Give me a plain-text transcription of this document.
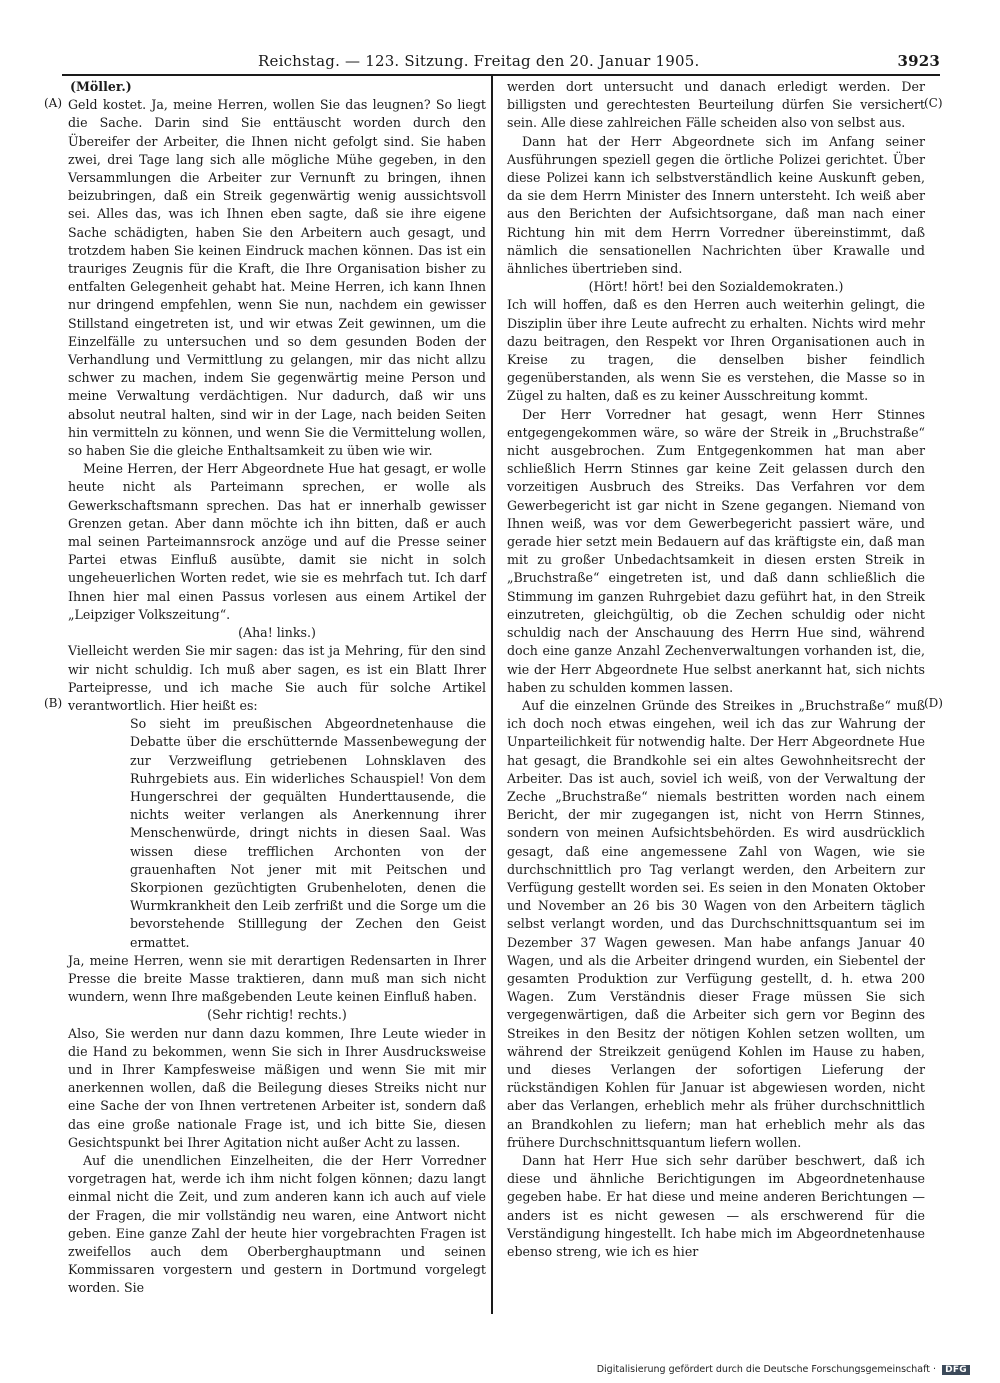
Reichstag. — 123. Sitzung. Freitag den 20. Januar 1905.	3923
(A)
(B)
(C)
(D)

(Möller.)

Geld kostet. Ja, meine Herren, wollen Sie das leugnen? So liegt die Sache. Darin sind Sie enttäuscht worden durch den Übereifer der Arbeiter, die Ihnen nicht gefolgt sind. Sie haben zwei, drei Tage lang sich alle mögliche Mühe gegeben, in den Versammlungen die Arbeiter zur Vernunft zu bringen, ihnen beizubringen, daß ein Streik gegenwärtig wenig aussichtsvoll sei. Alles das, was ich Ihnen eben sagte, daß sie ihre eigene Sache schädigten, haben Sie den Arbeitern auch gesagt, und trotzdem haben Sie keinen Eindruck machen können. Das ist ein trauriges Zeugnis für die Kraft, die Ihre Organisation bisher zu entfalten Gelegenheit gehabt hat. Meine Herren, ich kann Ihnen nur dringend empfehlen, wenn Sie nun, nachdem ein gewisser Stillstand eingetreten ist, und wir etwas Zeit gewinnen, um die Einzelfälle zu untersuchen und so dem gesunden Boden der Verhandlung und Vermittlung zu gelangen, mir das nicht allzu schwer zu machen, indem Sie gegenwärtig meine Person und meine Verwaltung verdächtigen. Nur dadurch, daß wir uns absolut neutral halten, sind wir in der Lage, nach beiden Seiten hin vermitteln zu können, und wenn Sie die Vermittelung wollen, so haben Sie die gleiche Enthaltsamkeit zu üben wie wir.

Meine Herren, der Herr Abgeordnete Hue hat gesagt, er wolle heute nicht als Parteimann sprechen, er wolle als Gewerkschaftsmann sprechen. Das hat er innerhalb gewisser Grenzen getan. Aber dann möchte ich ihn bitten, daß er auch mal seinen Parteimannsrock anzöge und auf die Presse seiner Partei etwas Einfluß ausübte, damit sie nicht in solch ungeheuerlichen Worten redet, wie sie es mehrfach tut. Ich darf Ihnen hier mal einen Passus vorlesen aus einem Artikel der „Leipziger Volkszeitung“.

(Aha! links.)

Vielleicht werden Sie mir sagen: das ist ja Mehring, für den sind wir nicht schuldig. Ich muß aber sagen, es ist ein Blatt Ihrer Parteipresse, und ich mache Sie auch für solche Artikel verantwortlich. Hier heißt es:

So sieht im preußischen Abgeordnetenhause die Debatte über die erschütternde Massenbewegung der zur Verzweiflung getriebenen Lohnsklaven des Ruhrgebiets aus. Ein widerliches Schauspiel! Von dem Hungerschrei der gequälten Hunderttausende, die nichts weiter verlangen als Anerkennung ihrer Menschenwürde, dringt nichts in diesen Saal. Was wissen diese trefflichen Archonten von der grauenhaften Not jener mit mit Peitschen und Skorpionen gezüchtigten Grubenheloten, denen die Wurmkrankheit den Leib zerfrißt und die Sorge um die bevorstehende Stilllegung der Zechen den Geist ermattet.

Ja, meine Herren, wenn sie mit derartigen Redensarten in Ihrer Presse die breite Masse traktieren, dann muß man sich nicht wundern, wenn Ihre maßgebenden Leute keinen Einfluß haben.

(Sehr richtig! rechts.)

Also, Sie werden nur dann dazu kommen, Ihre Leute wieder in die Hand zu bekommen, wenn Sie sich in Ihrer Ausdrucksweise und in Ihrer Kampfesweise mäßigen und wenn Sie mit mir anerkennen wollen, daß die Beilegung dieses Streiks nicht nur eine Sache der von Ihnen vertretenen Arbeiter ist, sondern daß das eine große nationale Frage ist, und ich bitte Sie, diesen Gesichtspunkt bei Ihrer Agitation nicht außer Acht zu lassen.

Auf die unendlichen Einzelheiten, die der Herr Vorredner vorgetragen hat, werde ich ihm nicht folgen können; dazu langt einmal nicht die Zeit, und zum anderen kann ich auch auf viele der Fragen, die mir vollständig neu waren, eine Antwort nicht geben. Eine ganze Zahl der heute hier vorgebrachten Fragen ist zweifellos auch dem Oberberghauptmann und seinen Kommissaren vorgestern und gestern in Dortmund vorgelegt worden. Sie

werden dort untersucht und danach erledigt werden. Der billigsten und gerechtesten Beurteilung dürfen Sie versichert sein. Alle diese zahlreichen Fälle scheiden also von selbst aus.

Dann hat der Herr Abgeordnete sich im Anfang seiner Ausführungen speziell gegen die örtliche Polizei gerichtet. Über diese Polizei kann ich selbstverständlich keine Auskunft geben, da sie dem Herrn Minister des Innern untersteht. Ich weiß aber aus den Berichten der Aufsichtsorgane, daß man nach einer Richtung hin mit dem Herrn Vorredner übereinstimmt, daß nämlich die sensationellen Nachrichten über Krawalle und ähnliches übertrieben sind.

(Hört! hört! bei den Sozialdemokraten.)

Ich will hoffen, daß es den Herren auch weiterhin gelingt, die Disziplin über ihre Leute aufrecht zu erhalten. Nichts wird mehr dazu beitragen, den Respekt vor Ihren Organisationen auch in Kreise zu tragen, die denselben bisher feindlich gegenüberstanden, als wenn Sie es verstehen, die Masse so in Zügel zu halten, daß es zu keiner Ausschreitung kommt.

Der Herr Vorredner hat gesagt, wenn Herr Stinnes entgegengekommen wäre, so wäre der Streik in „Bruchstraße“ nicht ausgebrochen. Zum Entgegenkommen hat man aber schließlich Herrn Stinnes gar keine Zeit gelassen durch den vorzeitigen Ausbruch des Streiks. Das Verfahren vor dem Gewerbegericht ist gar nicht in Szene gegangen. Niemand von Ihnen weiß, was vor dem Gewerbegericht passiert wäre, und gerade hier setzt mein Bedauern auf das kräftigste ein, daß man mit zu großer Unbedachtsamkeit in diesen ersten Streik in „Bruchstraße“ eingetreten ist, und daß dann schließlich die Stimmung im ganzen Ruhrgebiet dazu geführt hat, in den Streik einzutreten, gleichgültig, ob die Zechen schuldig oder nicht schuldig nach der Anschauung des Herrn Hue sind, während doch eine ganze Anzahl Zechenverwaltungen vorhanden ist, die, wie der Herr Abgeordnete Hue selbst anerkannt hat, sich nichts haben zu schulden kommen lassen.

Auf die einzelnen Gründe des Streikes in „Bruchstraße“ muß ich doch noch etwas eingehen, weil ich das zur Wahrung der Unparteilichkeit für notwendig halte. Der Herr Abgeordnete Hue hat gesagt, die Brandkohle sei ein altes Gewohnheitsrecht der Arbeiter. Das ist auch, soviel ich weiß, von der Verwaltung der Zeche „Bruchstraße“ niemals bestritten worden nach einem Bericht, der mir zugegangen ist, nicht von Herrn Stinnes, sondern von meinen Aufsichtsbehörden. Es wird ausdrücklich gesagt, daß eine angemessene Zahl von Wagen, wie sie durchschnittlich pro Tag verlangt werden, den Arbeitern zur Verfügung gestellt worden sei. Es seien in den Monaten Oktober und November an 26 bis 30 Wagen von den Arbeitern täglich selbst verlangt worden, und das Durchschnittsquantum sei im Dezember 37 Wagen gewesen. Man habe anfangs Januar 40 Wagen, und als die Arbeiter dringend wurden, ein Siebentel der gesamten Produktion zur Verfügung gestellt, d. h. etwa 200 Wagen. Zum Verständnis dieser Frage müssen Sie sich vergegenwärtigen, daß die Arbeiter sich gern vor Beginn des Streikes in den Besitz der nötigen Kohlen setzen wollten, um während der Streikzeit genügend Kohlen im Hause zu haben, und dieses Verlangen der sofortigen Lieferung der rückständigen Kohlen für Januar ist abgewiesen worden, nicht aber das Verlangen, erheblich mehr als früher durchschnittlich an Brandkohlen zu liefern; man hat erheblich mehr als das frühere Durchschnittsquantum liefern wollen.

Dann hat Herr Hue sich sehr darüber beschwert, daß ich diese und ähnliche Berichtigungen im Abgeordnetenhause gegeben habe. Er hat diese und meine anderen Berichtungen — anders ist es nicht gewesen — als erschwerend für die Verständigung hingestellt. Ich habe mich im Abgeordnetenhause ebenso streng, wie ich es hier

Digitalisierung gefördert durch die Deutsche Forschungsgemeinschaft · DFG
